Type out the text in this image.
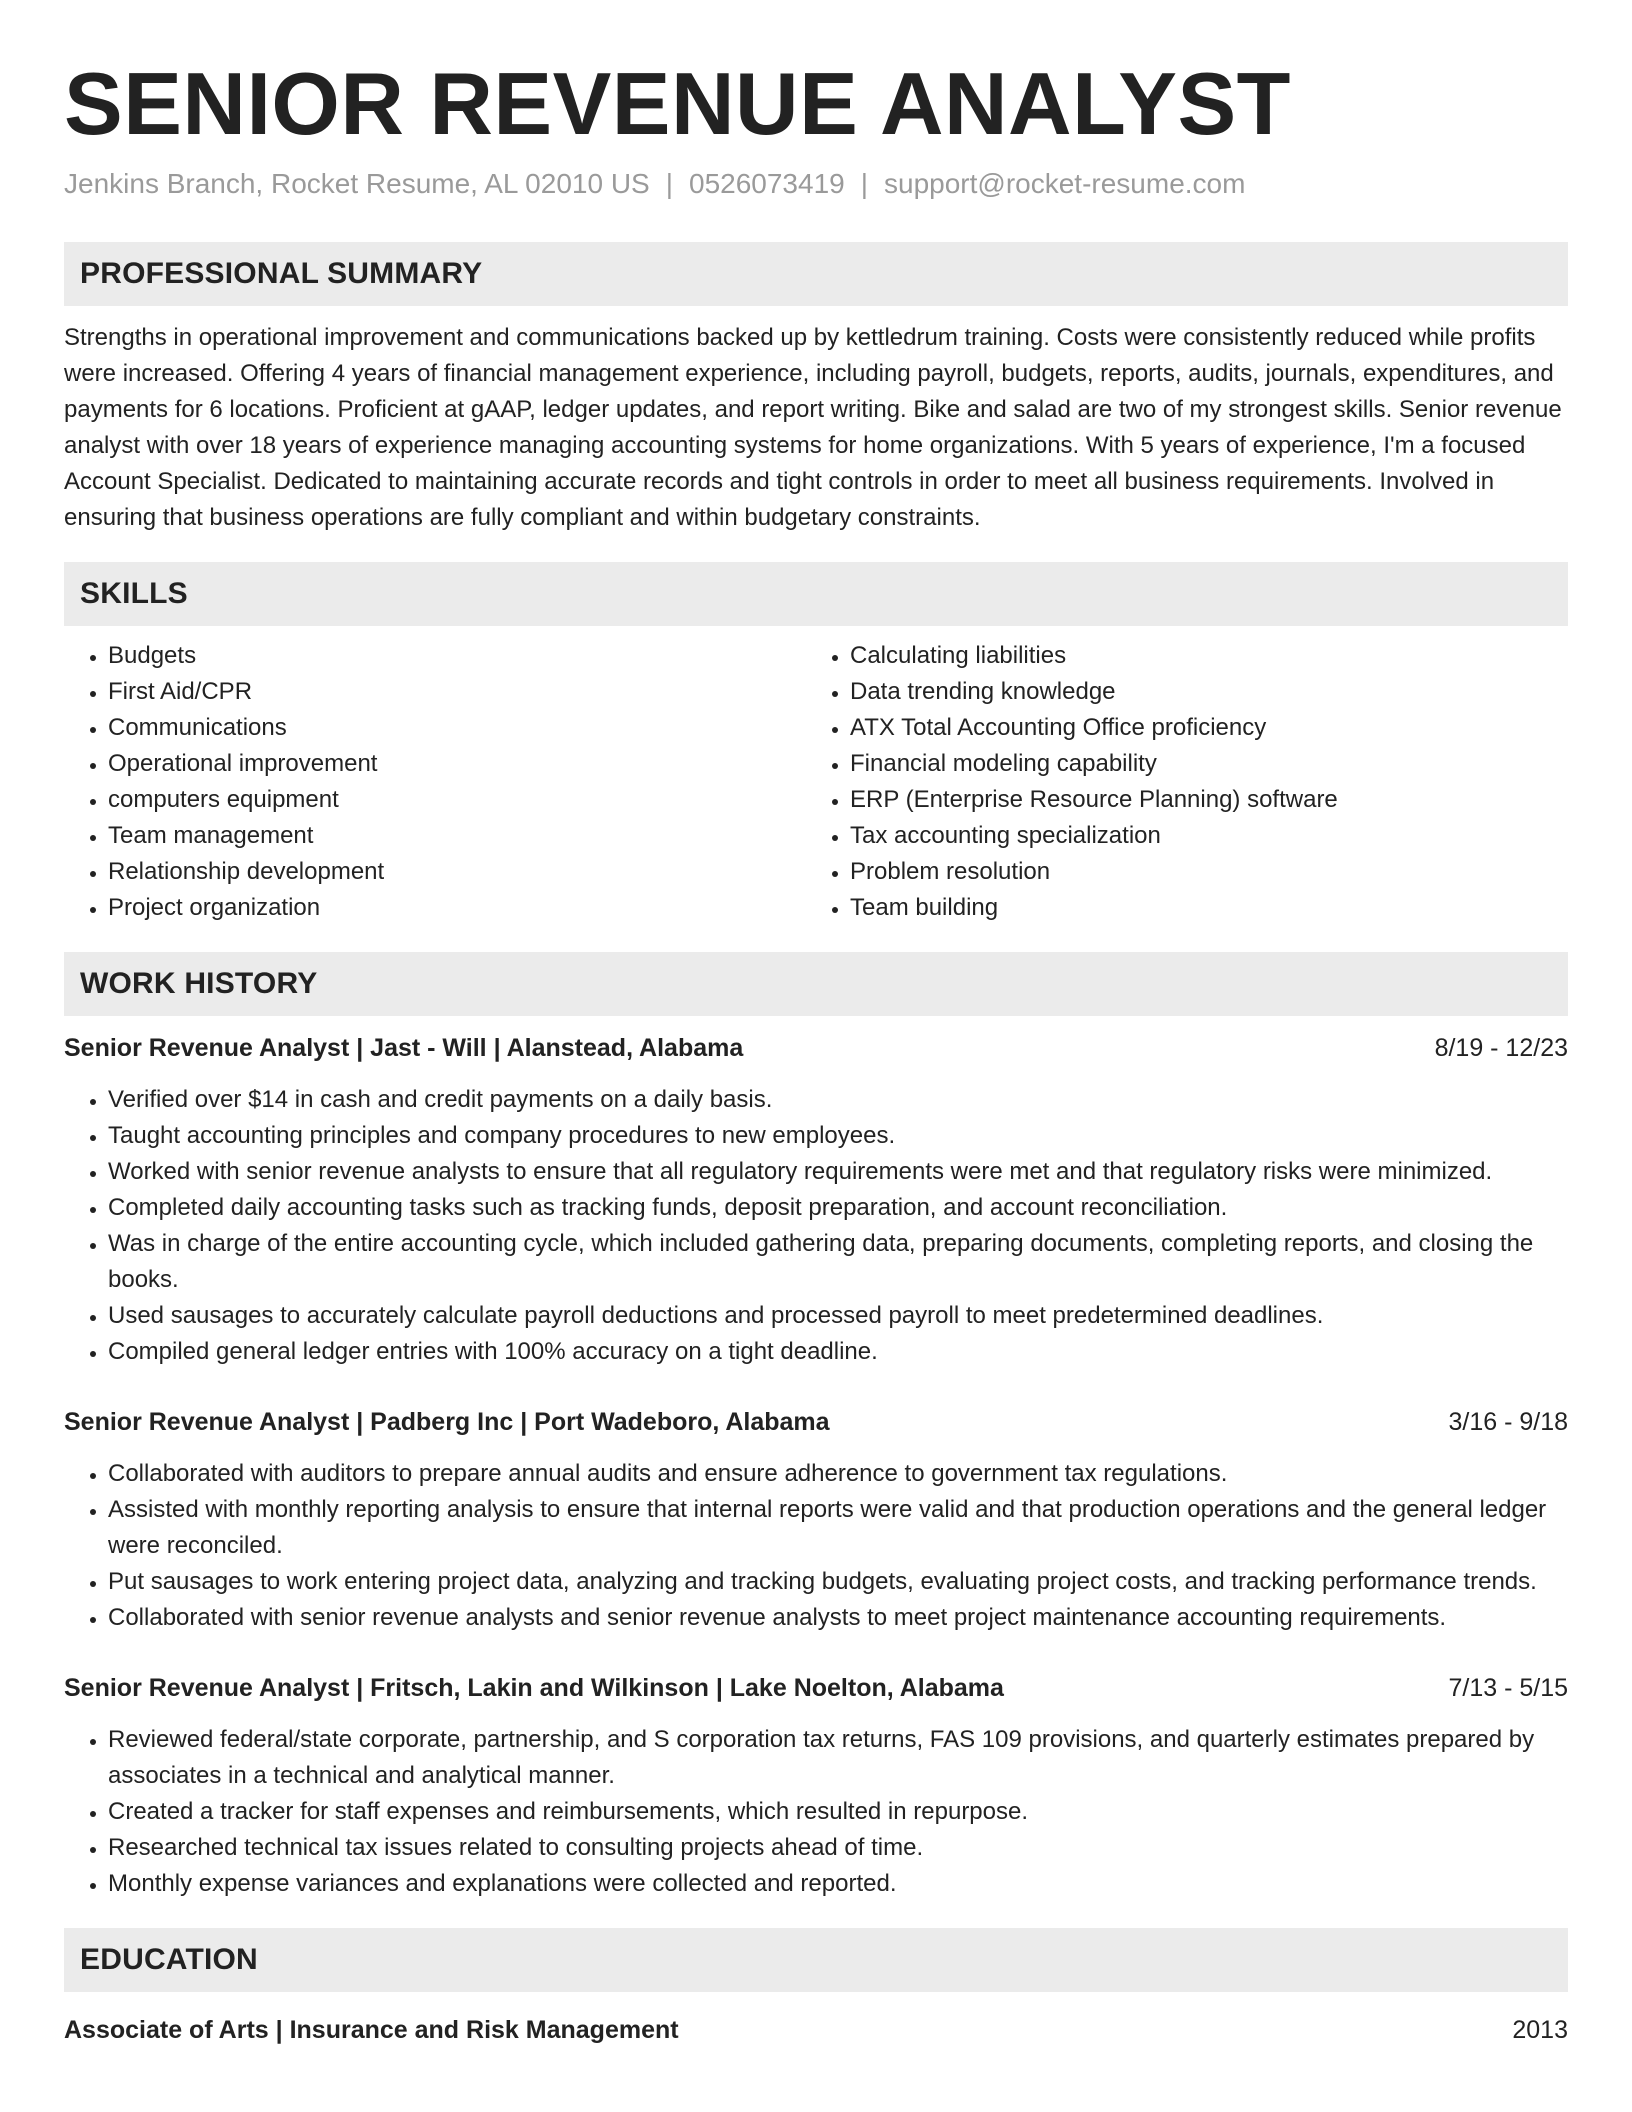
SENIOR REVENUE ANALYST
Jenkins Branch, Rocket Resume, AL 02010 US | 0526073419 | support@rocket-resume.com
PROFESSIONAL SUMMARY
Strengths in operational improvement and communications backed up by kettledrum training. Costs were consistently reduced while profits were increased. Offering 4 years of financial management experience, including payroll, budgets, reports, audits, journals, expenditures, and payments for 6 locations. Proficient at gAAP, ledger updates, and report writing. Bike and salad are two of my strongest skills. Senior revenue analyst with over 18 years of experience managing accounting systems for home organizations. With 5 years of experience, I'm a focused Account Specialist. Dedicated to maintaining accurate records and tight controls in order to meet all business requirements. Involved in ensuring that business operations are fully compliant and within budgetary constraints.
SKILLS
• Budgets
• First Aid/CPR
• Communications
• Operational improvement
• computers equipment
• Team management
• Relationship development
• Project organization
• Calculating liabilities
• Data trending knowledge
• ATX Total Accounting Office proficiency
• Financial modeling capability
• ERP (Enterprise Resource Planning) software
• Tax accounting specialization
• Problem resolution
• Team building
WORK HISTORY
Senior Revenue Analyst | Jast - Will | Alanstead, Alabama	8/19 - 12/23
• Verified over $14 in cash and credit payments on a daily basis.
• Taught accounting principles and company procedures to new employees.
• Worked with senior revenue analysts to ensure that all regulatory requirements were met and that regulatory risks were minimized.
• Completed daily accounting tasks such as tracking funds, deposit preparation, and account reconciliation.
• Was in charge of the entire accounting cycle, which included gathering data, preparing documents, completing reports, and closing the books.
• Used sausages to accurately calculate payroll deductions and processed payroll to meet predetermined deadlines.
• Compiled general ledger entries with 100% accuracy on a tight deadline.
Senior Revenue Analyst | Padberg Inc | Port Wadeboro, Alabama	3/16 - 9/18
• Collaborated with auditors to prepare annual audits and ensure adherence to government tax regulations.
• Assisted with monthly reporting analysis to ensure that internal reports were valid and that production operations and the general ledger were reconciled.
• Put sausages to work entering project data, analyzing and tracking budgets, evaluating project costs, and tracking performance trends.
• Collaborated with senior revenue analysts and senior revenue analysts to meet project maintenance accounting requirements.
Senior Revenue Analyst | Fritsch, Lakin and Wilkinson | Lake Noelton, Alabama	7/13 - 5/15
• Reviewed federal/state corporate, partnership, and S corporation tax returns, FAS 109 provisions, and quarterly estimates prepared by associates in a technical and analytical manner.
• Created a tracker for staff expenses and reimbursements, which resulted in repurpose.
• Researched technical tax issues related to consulting projects ahead of time.
• Monthly expense variances and explanations were collected and reported.
EDUCATION
Associate of Arts | Insurance and Risk Management	2013
